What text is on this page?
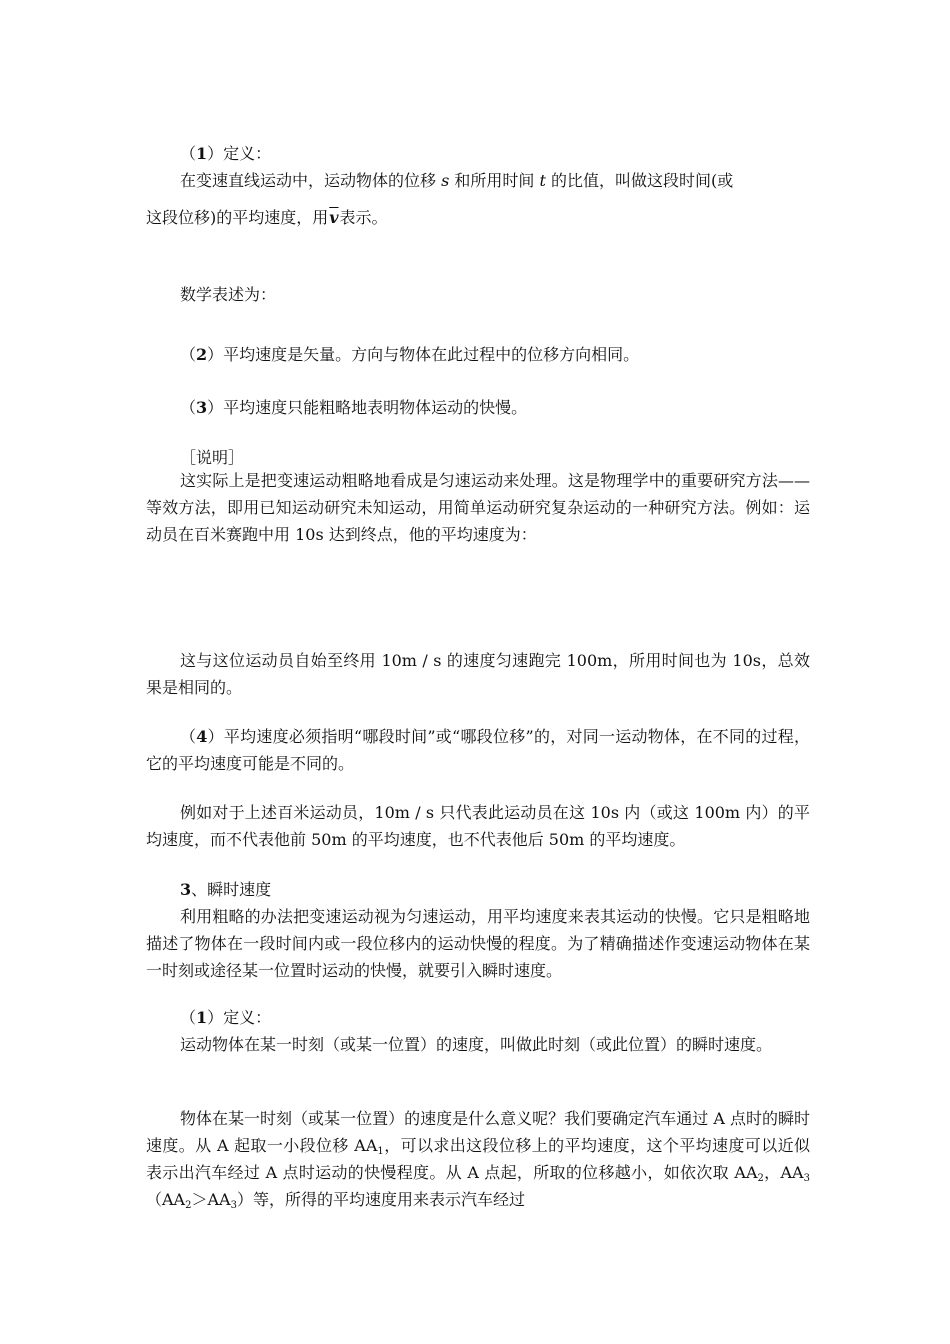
（1）定义：

在变速直线运动中，运动物体的位移 s 和所用时间 t 的比值，叫做这段时间(或

这段位移)的平均速度，用$\overline{v}$表示。

数学表述为：

（2）平均速度是矢量。方向与物体在此过程中的位移方向相同。

（3）平均速度只能粗略地表明物体运动的快慢。

［说明］

这实际上是把变速运动粗略地看成是匀速运动来处理。这是物理学中的重要研究方法——等效方法，即用已知运动研究未知运动，用简单运动研究复杂运动的一种研究方法。例如：运动员在百米赛跑中用 10s 达到终点，他的平均速度为：

这与这位运动员自始至终用 10m / s 的速度匀速跑完 100m，所用时间也为 10s，总效果是相同的。

（4）平均速度必须指明“哪段时间”或“哪段位移”的，对同一运动物体，在不同的过程，它的平均速度可能是不同的。

例如对于上述百米运动员，10m / s 只代表此运动员在这 10s 内（或这 100m 内）的平均速度，而不代表他前 50m 的平均速度，也不代表他后 50m 的平均速度。

3、瞬时速度

利用粗略的办法把变速运动视为匀速运动，用平均速度来表其运动的快慢。它只是粗略地描述了物体在一段时间内或一段位移内的运动快慢的程度。为了精确描述作变速运动物体在某一时刻或途径某一位置时运动的快慢，就要引入瞬时速度。

（1）定义：

运动物体在某一时刻（或某一位置）的速度，叫做此时刻（或此位置）的瞬时速度。

物体在某一时刻（或某一位置）的速度是什么意义呢？我们要确定汽车通过 A 点时的瞬时速度。从 A 起取一小段位移 $AA_1$，可以求出这段位移上的平均速度，这个平均速度可以近似表示出汽车经过 A 点时运动的快慢程度。从 A 点起，所取的位移越小，如依次取 $AA_2$，$AA_3(AA_2>AA_3)$等，所得的平均速度用来表示汽车经过
